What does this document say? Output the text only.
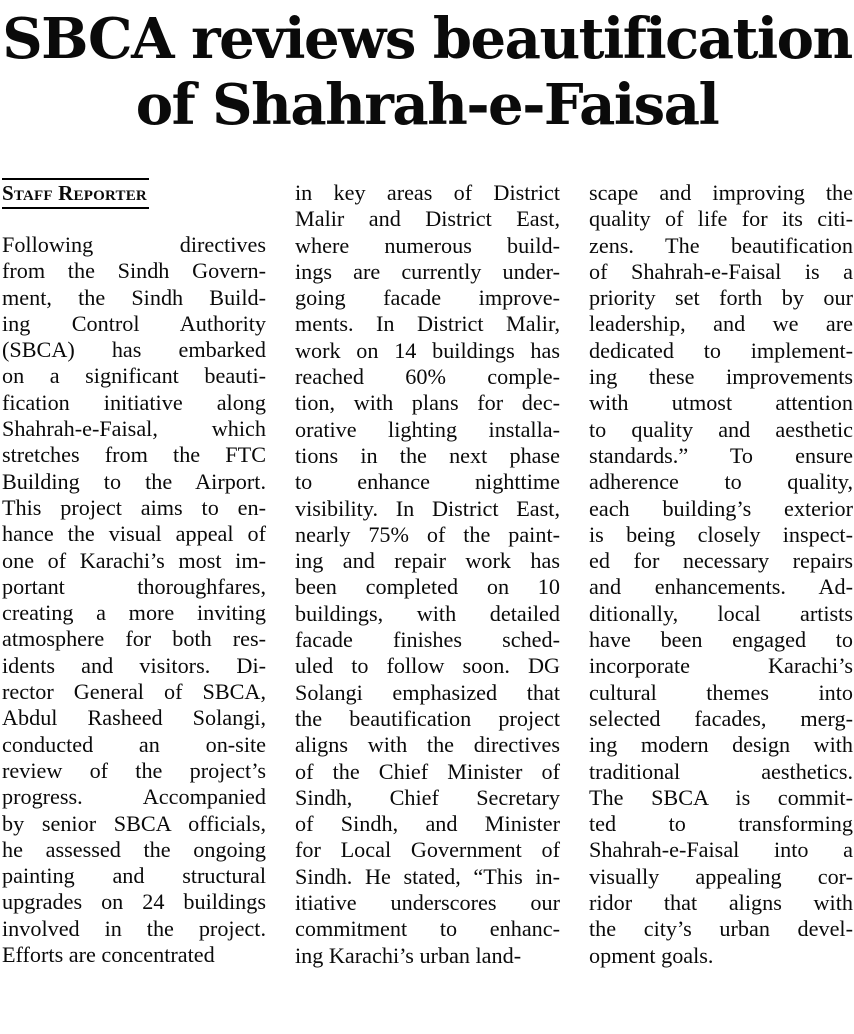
SBCA reviews beautification
of Shahrah-e-Faisal
Staff Reporter
Following directives
from the Sindh Govern-
ment, the Sindh Build-
ing Control Authority
(SBCA) has embarked
on a significant beauti-
fication initiative along
Shahrah-e-Faisal, which
stretches from the FTC
Building to the Airport.
This project aims to en-
hance the visual appeal of
one of Karachi’s most im-
portant thoroughfares,
creating a more inviting
atmosphere for both res-
idents and visitors. Di-
rector General of SBCA,
Abdul Rasheed Solangi,
conducted an on-site
review of the project’s
progress. Accompanied
by senior SBCA officials,
he assessed the ongoing
painting and structural
upgrades on 24 buildings
involved in the project.
Efforts are concentrated
in key areas of District
Malir and District East,
where numerous build-
ings are currently under-
going facade improve-
ments. In District Malir,
work on 14 buildings has
reached 60% comple-
tion, with plans for dec-
orative lighting installa-
tions in the next phase
to enhance nighttime
visibility. In District East,
nearly 75% of the paint-
ing and repair work has
been completed on 10
buildings, with detailed
facade finishes sched-
uled to follow soon. DG
Solangi emphasized that
the beautification project
aligns with the directives
of the Chief Minister of
Sindh, Chief Secretary
of Sindh, and Minister
for Local Government of
Sindh. He stated, “This in-
itiative underscores our
commitment to enhanc-
ing Karachi’s urban land-
scape and improving the
quality of life for its citi-
zens. The beautification
of Shahrah-e-Faisal is a
priority set forth by our
leadership, and we are
dedicated to implement-
ing these improvements
with utmost attention
to quality and aesthetic
standards.” To ensure
adherence to quality,
each building’s exterior
is being closely inspect-
ed for necessary repairs
and enhancements. Ad-
ditionally, local artists
have been engaged to
incorporate Karachi’s
cultural themes into
selected facades, merg-
ing modern design with
traditional aesthetics.
The SBCA is commit-
ted to transforming
Shahrah-e-Faisal into a
visually appealing cor-
ridor that aligns with
the city’s urban devel-
opment goals.
